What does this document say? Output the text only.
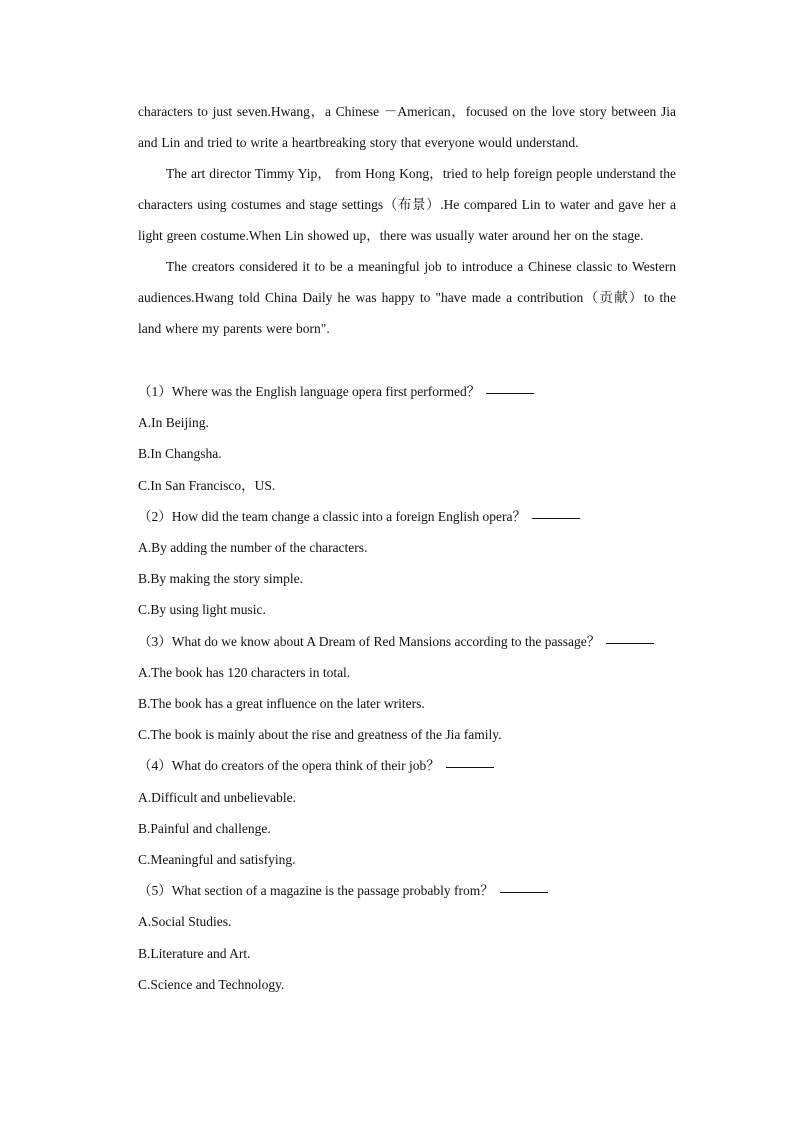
characters to just seven.Hwang，a Chinese －American，focused on the love story between Jia and Lin and tried to write a heartbreaking story that everyone would understand.

The art director Timmy Yip， from Hong Kong，tried to help foreign people understand the characters using costumes and stage settings（布景）.He compared Lin to water and gave her a light green costume.When Lin showed up，there was usually water around her on the stage.

The creators considered it to be a meaningful job to introduce a Chinese classic to Western audiences.Hwang told China Daily he was happy to "have made a contribution（贡献）to the land where my parents were born".

（1）Where was the English language opera first performed？

A.In Beijing.

B.In Changsha.

C.In San Francisco，US.

（2）How did the team change a classic into a foreign English opera？

A.By adding the number of the characters.

B.By making the story simple.

C.By using light music.

（3）What do we know about A Dream of Red Mansions according to the passage？

A.The book has 120 characters in total.

B.The book has a great influence on the later writers.

C.The book is mainly about the rise and greatness of the Jia family.

（4）What do creators of the opera think of their job？

A.Difficult and unbelievable.

B.Painful and challenge.

C.Meaningful and satisfying.

（5）What section of a magazine is the passage probably from？

A.Social Studies.

B.Literature and Art.

C.Science and Technology.
